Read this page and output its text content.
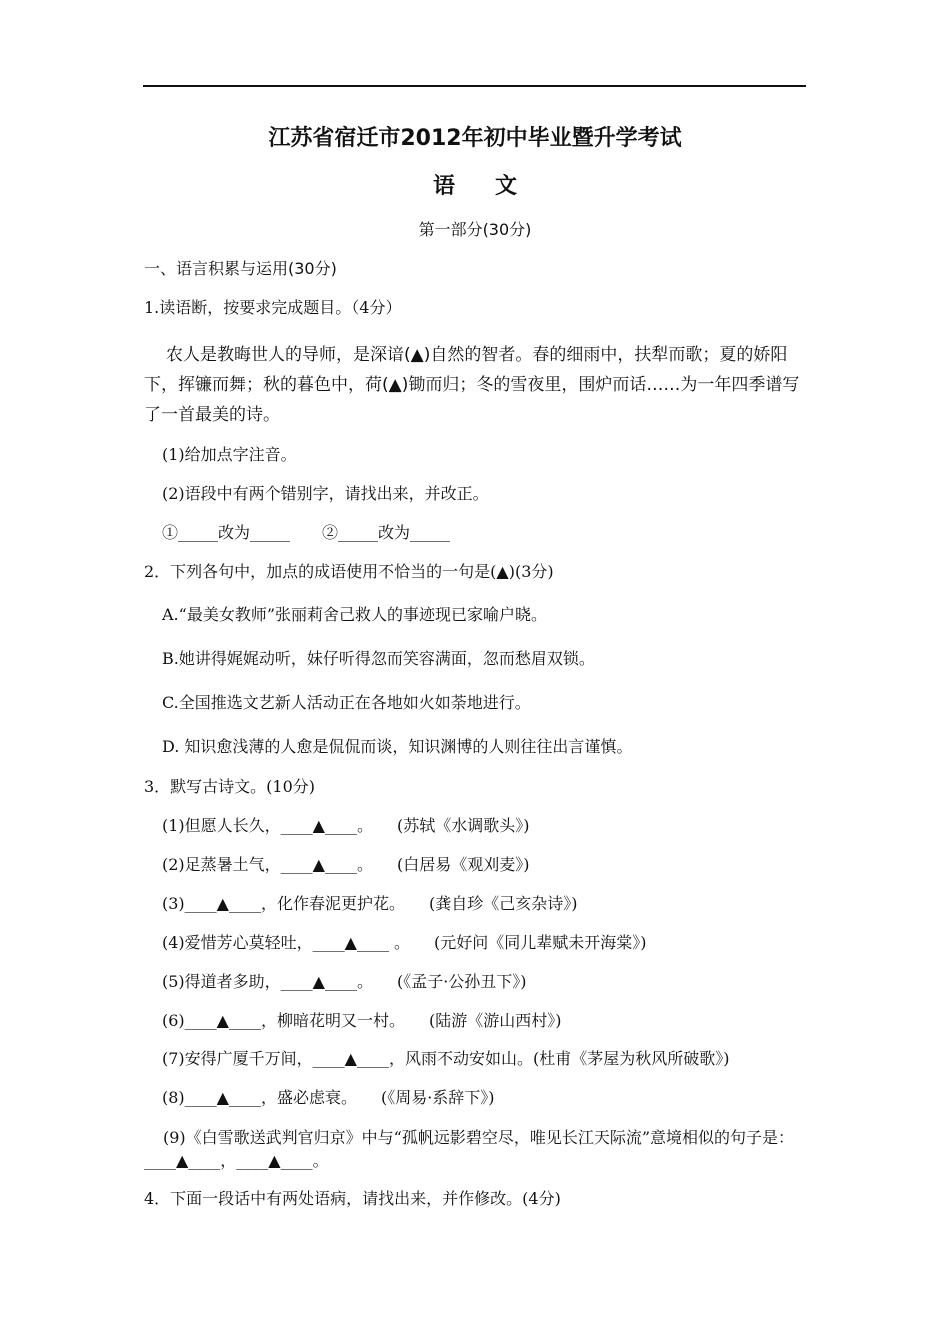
江苏省宿迁市2012年初中毕业暨升学考试
语文
第一部分(30分)
一、语言积累与运用(30分)
1.读语断，按要求完成题目。（4分）
农人是教晦世人的导师，是深谙(▲)自然的智者。春的细雨中，扶犁而歌；夏的娇阳下，挥镰而舞；秋的暮色中，荷(▲)锄而归；冬的雪夜里，围炉而话……为一年四季谱写了一首最美的诗。
(1)给加点字注音。
(2)语段中有两个错别字，请找出来，并改正。
①_____改为_____　　②_____改为_____
2．下列各句中，加点的成语使用不恰当的一句是(▲)(3分)
A.“最美女教师”张丽莉舍己救人的事迹现已家喻户晓。
B.她讲得娓娓动听，妹仔听得忽而笑容满面，忽而愁眉双锁。
C.全国推选文艺新人活动正在各地如火如荼地进行。
D. 知识愈浅薄的人愈是侃侃而谈，知识渊博的人则往往出言谨慎。
3．默写古诗文。(10分)
(1)但愿人长久，____▲____。　　(苏轼《水调歌头》)
(2)足蒸暑土气，____▲____。　　(白居易《观刈麦》)
(3)____▲____，化作春泥更护花。　　(龚自珍《己亥杂诗》)
(4)爱惜芳心莫轻吐，____▲____ 。　　(元好问《同儿辈赋未开海棠》)
(5)得道者多助，____▲____。　　(《孟子·公孙丑下》)
(6)____▲____，柳暗花明又一村。　　(陆游《游山西村》)
(7)安得广厦千万间，____▲____，风雨不动安如山。(杜甫《茅屋为秋风所破歌》)
(8)____▲____，盛必虑衰。　　(《周易·系辞下》)
(9)《白雪歌送武判官归京》中与“孤帆远影碧空尽，唯见长江天际流”意境相似的句子是：____▲____，____▲____。
4．下面一段话中有两处语病，请找出来，并作修改。(4分)
